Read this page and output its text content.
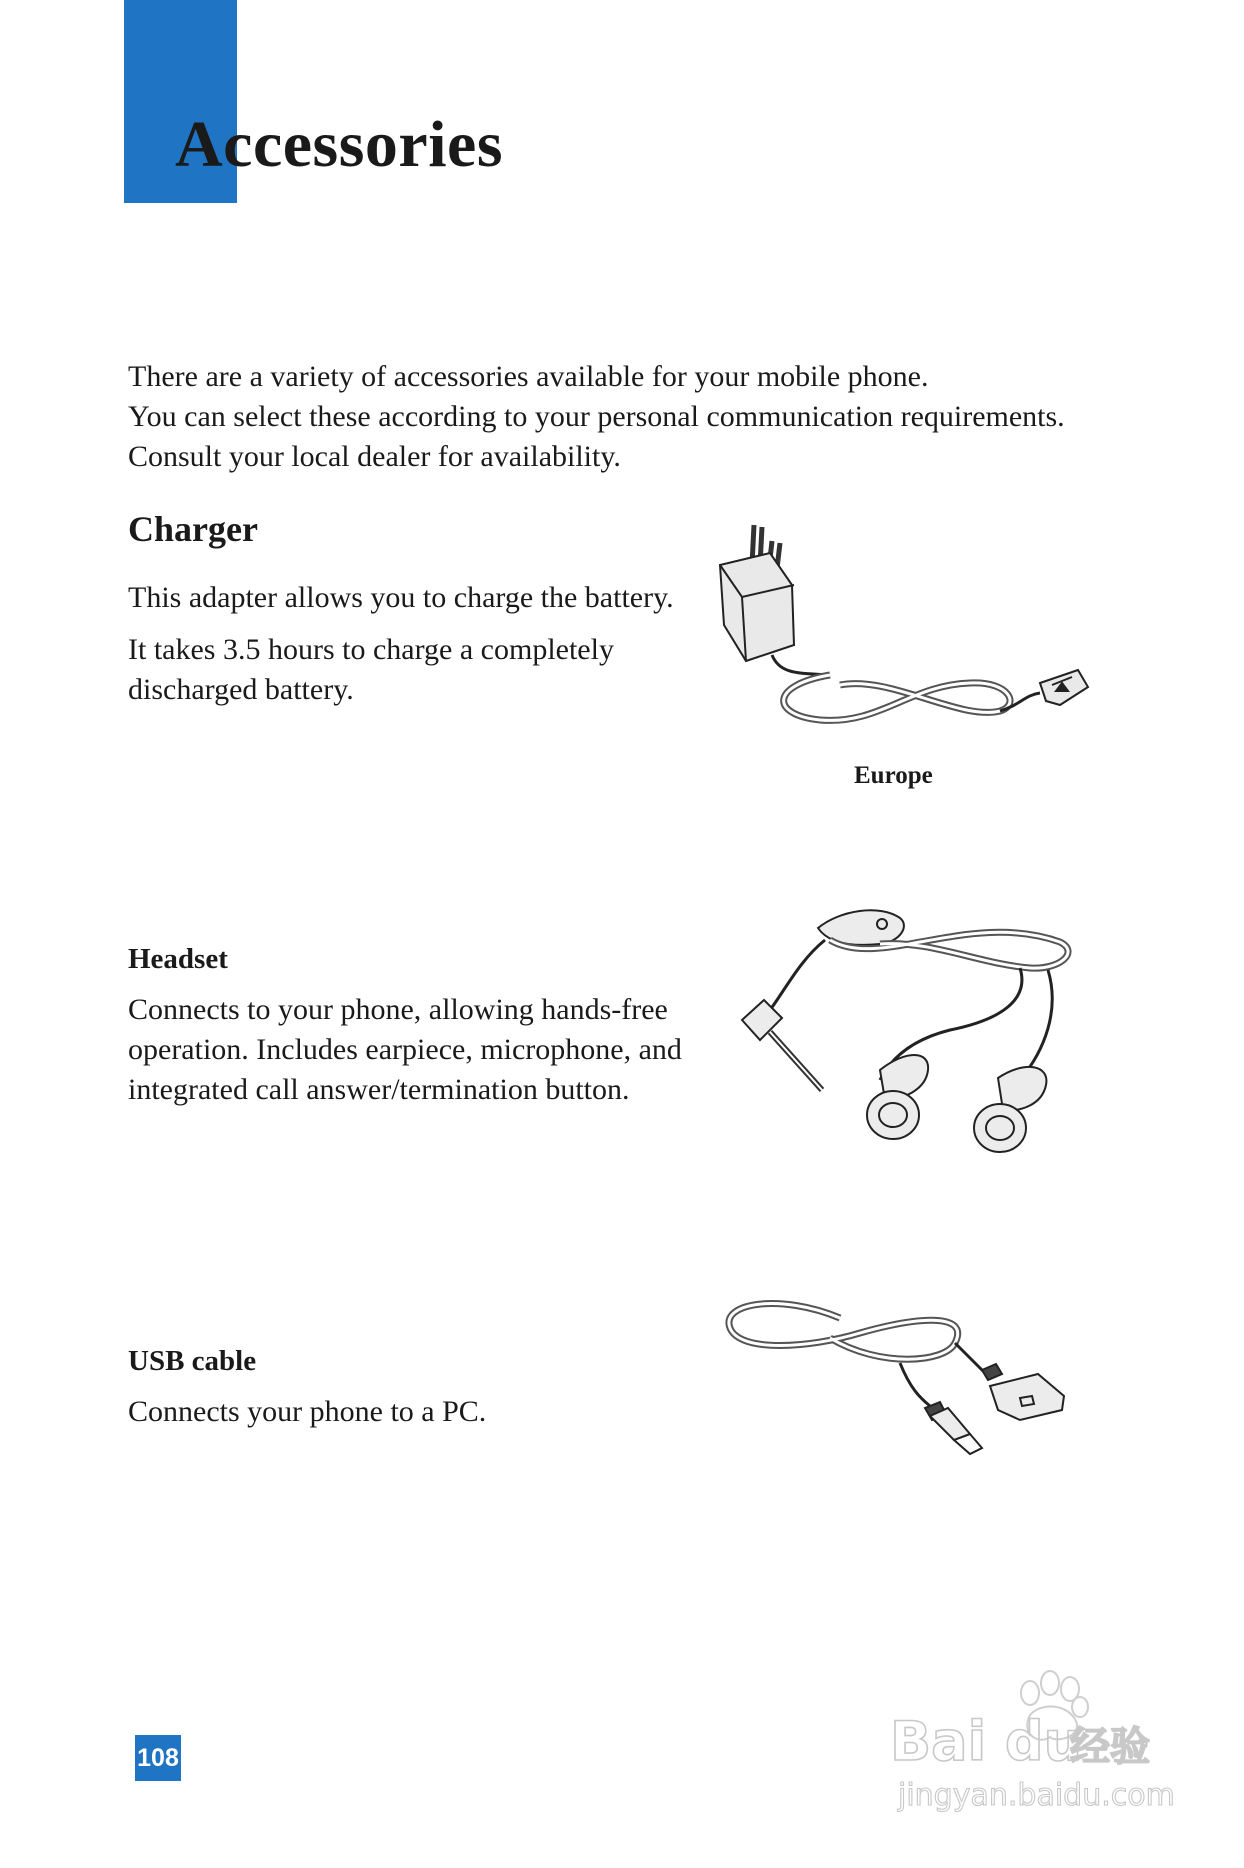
Accessories

There are a variety of accessories available for your mobile phone.

You can select these according to your personal communication requirements.

Consult your local dealer for availability.

Charger

This adapter allows you to charge the battery.

It takes 3.5 hours to charge a completely

discharged battery.

Europe
Headset

Connects to your phone, allowing hands-free

operation. Includes earpiece, microphone, and

integrated call answer/termination button.

USB cable

Connects your phone to a PC.

108	Bai du
经验
jingyan.baidu.com
